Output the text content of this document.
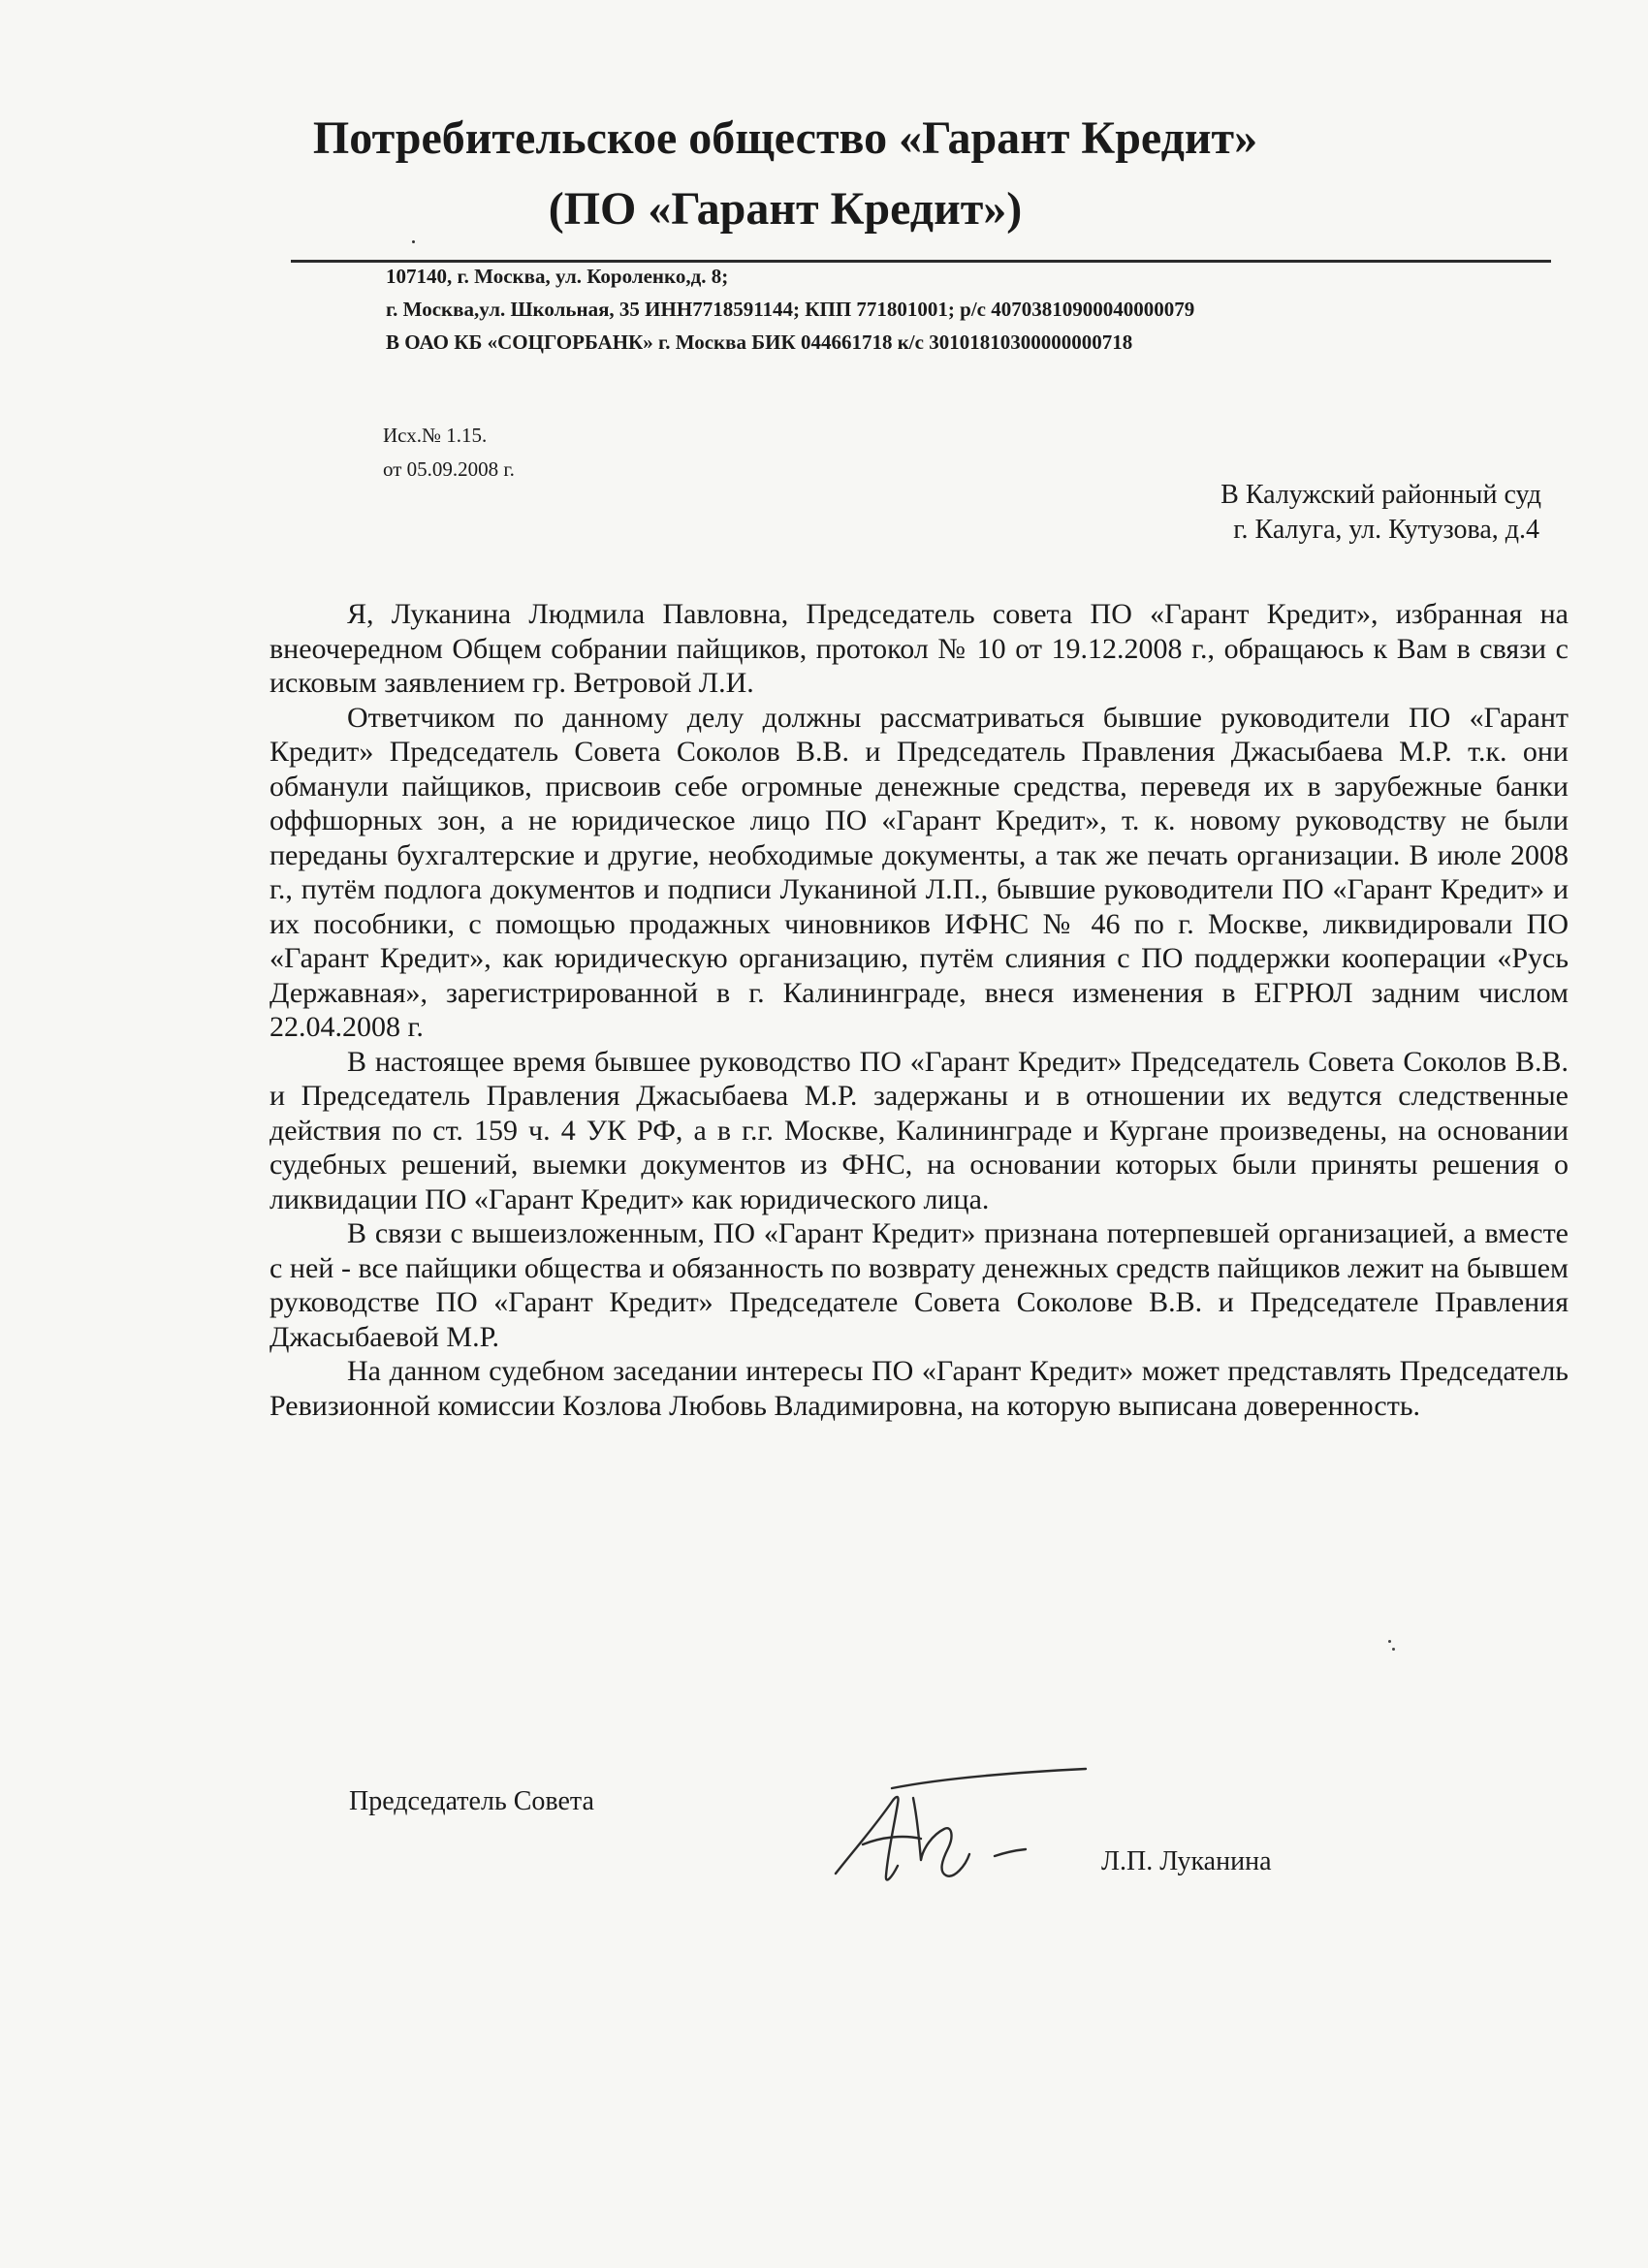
Потребительское общество «Гарант Кредит»
(ПО «Гарант Кредит»)
107140, г. Москва, ул. Короленко,д. 8;
г. Москва,ул. Школьная, 35 ИНН7718591144; КПП 771801001; р/с 40703810900040000079
В ОАО КБ «СОЦГОРБАНК» г. Москва БИК 044661718 к/с 30101810300000000718
Исх.№ 1.15.
от 05.09.2008 г.
В Калужский районный суд
г. Калуга, ул. Кутузова, д.4

Я, Луканина Людмила Павловна, Председатель совета ПО «Гарант Кредит», избранная на внеочередном Общем собрании пайщиков, протокол № 10 от 19.12.2008 г., обращаюсь к Вам в связи с исковым заявлением гр. Ветровой Л.И.

Ответчиком по данному делу должны рассматриваться бывшие руководители ПО «Гарант Кредит» Председатель Совета Соколов В.В. и Председатель Правления Джасыбаева М.Р. т.к. они обманули пайщиков, присвоив себе огромные денежные средства, переведя их в зарубежные банки оффшорных зон, а не юридическое лицо ПО «Гарант Кредит», т. к. новому руководству не были переданы бухгалтерские и другие, необходимые документы, а так же печать организации. В июле 2008 г., путём подлога документов и подписи Луканиной Л.П., бывшие руководители ПО «Гарант Кредит» и их пособники, с помощью продажных чиновников ИФНС № 46 по г. Москве, ликвидировали ПО «Гарант Кредит», как юридическую организацию, путём слияния с ПО поддержки кооперации «Русь Державная», зарегистрированной в г. Калининграде, внеся изменения в ЕГРЮЛ задним числом 22.04.2008 г.

В настоящее время бывшее руководство ПО «Гарант Кредит» Председатель Совета Соколов В.В. и Председатель Правления Джасыбаева М.Р. задержаны и в отношении их ведутся следственные действия по ст. 159 ч. 4 УК РФ, а в г.г. Москве, Калининграде и Кургане произведены, на основании судебных решений, выемки документов из ФНС, на основании которых были приняты решения о ликвидации ПО «Гарант Кредит» как юридического лица.

В связи с вышеизложенным, ПО «Гарант Кредит» признана потерпевшей организацией, а вместе с ней - все пайщики общества и обязанность по возврату денежных средств пайщиков лежит на бывшем руководстве ПО «Гарант Кредит» Председателе Совета Соколове В.В. и Председателе Правления Джасыбаевой М.Р.

На данном судебном заседании интересы ПО «Гарант Кредит» может представлять Председатель Ревизионной комиссии Козлова Любовь Владимировна, на которую выписана доверенность.

Председатель Совета
Л.П. Луканина
